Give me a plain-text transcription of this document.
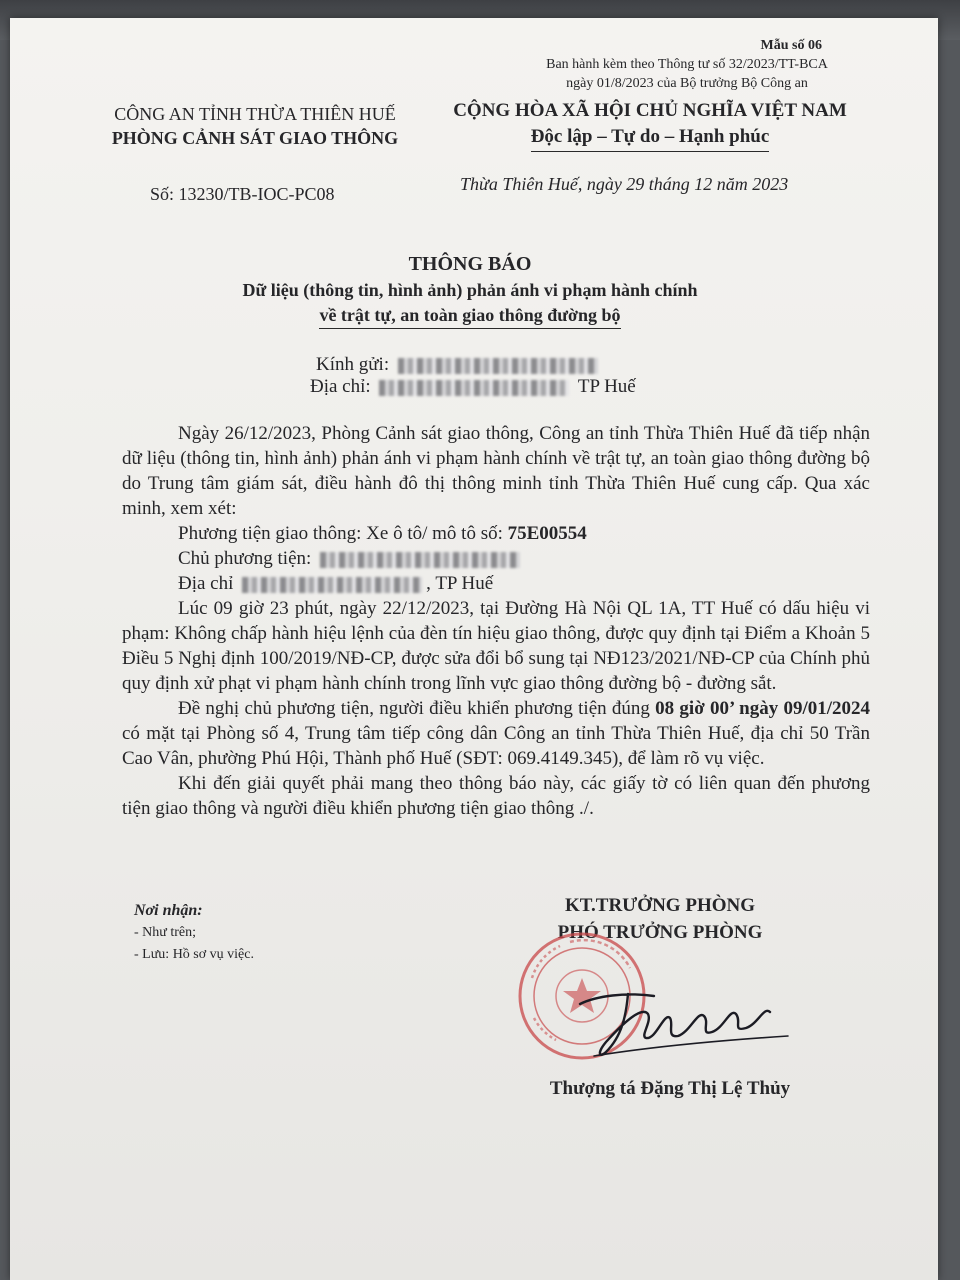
Mẫu số 06
Ban hành kèm theo Thông tư số 32/2023/TT-BCA
ngày 01/8/2023 của Bộ trưởng Bộ Công an
CÔNG AN TỈNH THỪA THIÊN HUẾ
PHÒNG CẢNH SÁT GIAO THÔNG
CỘNG HÒA XÃ HỘI CHỦ NGHĨA VIỆT NAM
Độc lập – Tự do – Hạnh phúc
Số: 13230/TB-IOC-PC08	Thừa Thiên Huế, ngày 29 tháng 12 năm 2023
THÔNG BÁO
Dữ liệu (thông tin, hình ảnh) phản ánh vi phạm hành chính
về trật tự, an toàn giao thông đường bộ
Kính gửi:
Địa chỉ:	TP Huế

Ngày 26/12/2023, Phòng Cảnh sát giao thông, Công an tỉnh Thừa Thiên Huế đã tiếp nhận dữ liệu (thông tin, hình ảnh) phản ánh vi phạm hành chính về trật tự, an toàn giao thông đường bộ do Trung tâm giám sát, điều hành đô thị thông minh tỉnh Thừa Thiên Huế cung cấp. Qua xác minh, xem xét:

Phương tiện giao thông: Xe ô tô/ mô tô số: 75E00554

Chủ phương tiện:

Địa chỉ	, TP Huế

Lúc 09 giờ 23 phút, ngày 22/12/2023, tại Đường Hà Nội QL 1A, TT Huế có dấu hiệu vi phạm: Không chấp hành hiệu lệnh của đèn tín hiệu giao thông, được quy định tại Điểm a Khoản 5 Điều 5 Nghị định 100/2019/NĐ-CP, được sửa đổi bổ sung tại NĐ123/2021/NĐ-CP của Chính phủ quy định xử phạt vi phạm hành chính trong lĩnh vực giao thông đường bộ - đường sắt.

Đề nghị chủ phương tiện, người điều khiển phương tiện đúng 08 giờ 00’ ngày 09/01/2024 có mặt tại Phòng số 4, Trung tâm tiếp công dân Công an tỉnh Thừa Thiên Huế, địa chỉ 50 Trần Cao Vân, phường Phú Hội, Thành phố Huế (SĐT: 069.4149.345), để làm rõ vụ việc.

Khi đến giải quyết phải mang theo thông báo này, các giấy tờ có liên quan đến phương tiện giao thông và người điều khiển phương tiện giao thông ./.

Nơi nhận:
- Như trên;
- Lưu: Hồ sơ vụ việc.
KT.TRƯỞNG PHÒNG
PHÓ TRƯỞNG PHÒNG
Thượng tá Đặng Thị Lệ Thủy
